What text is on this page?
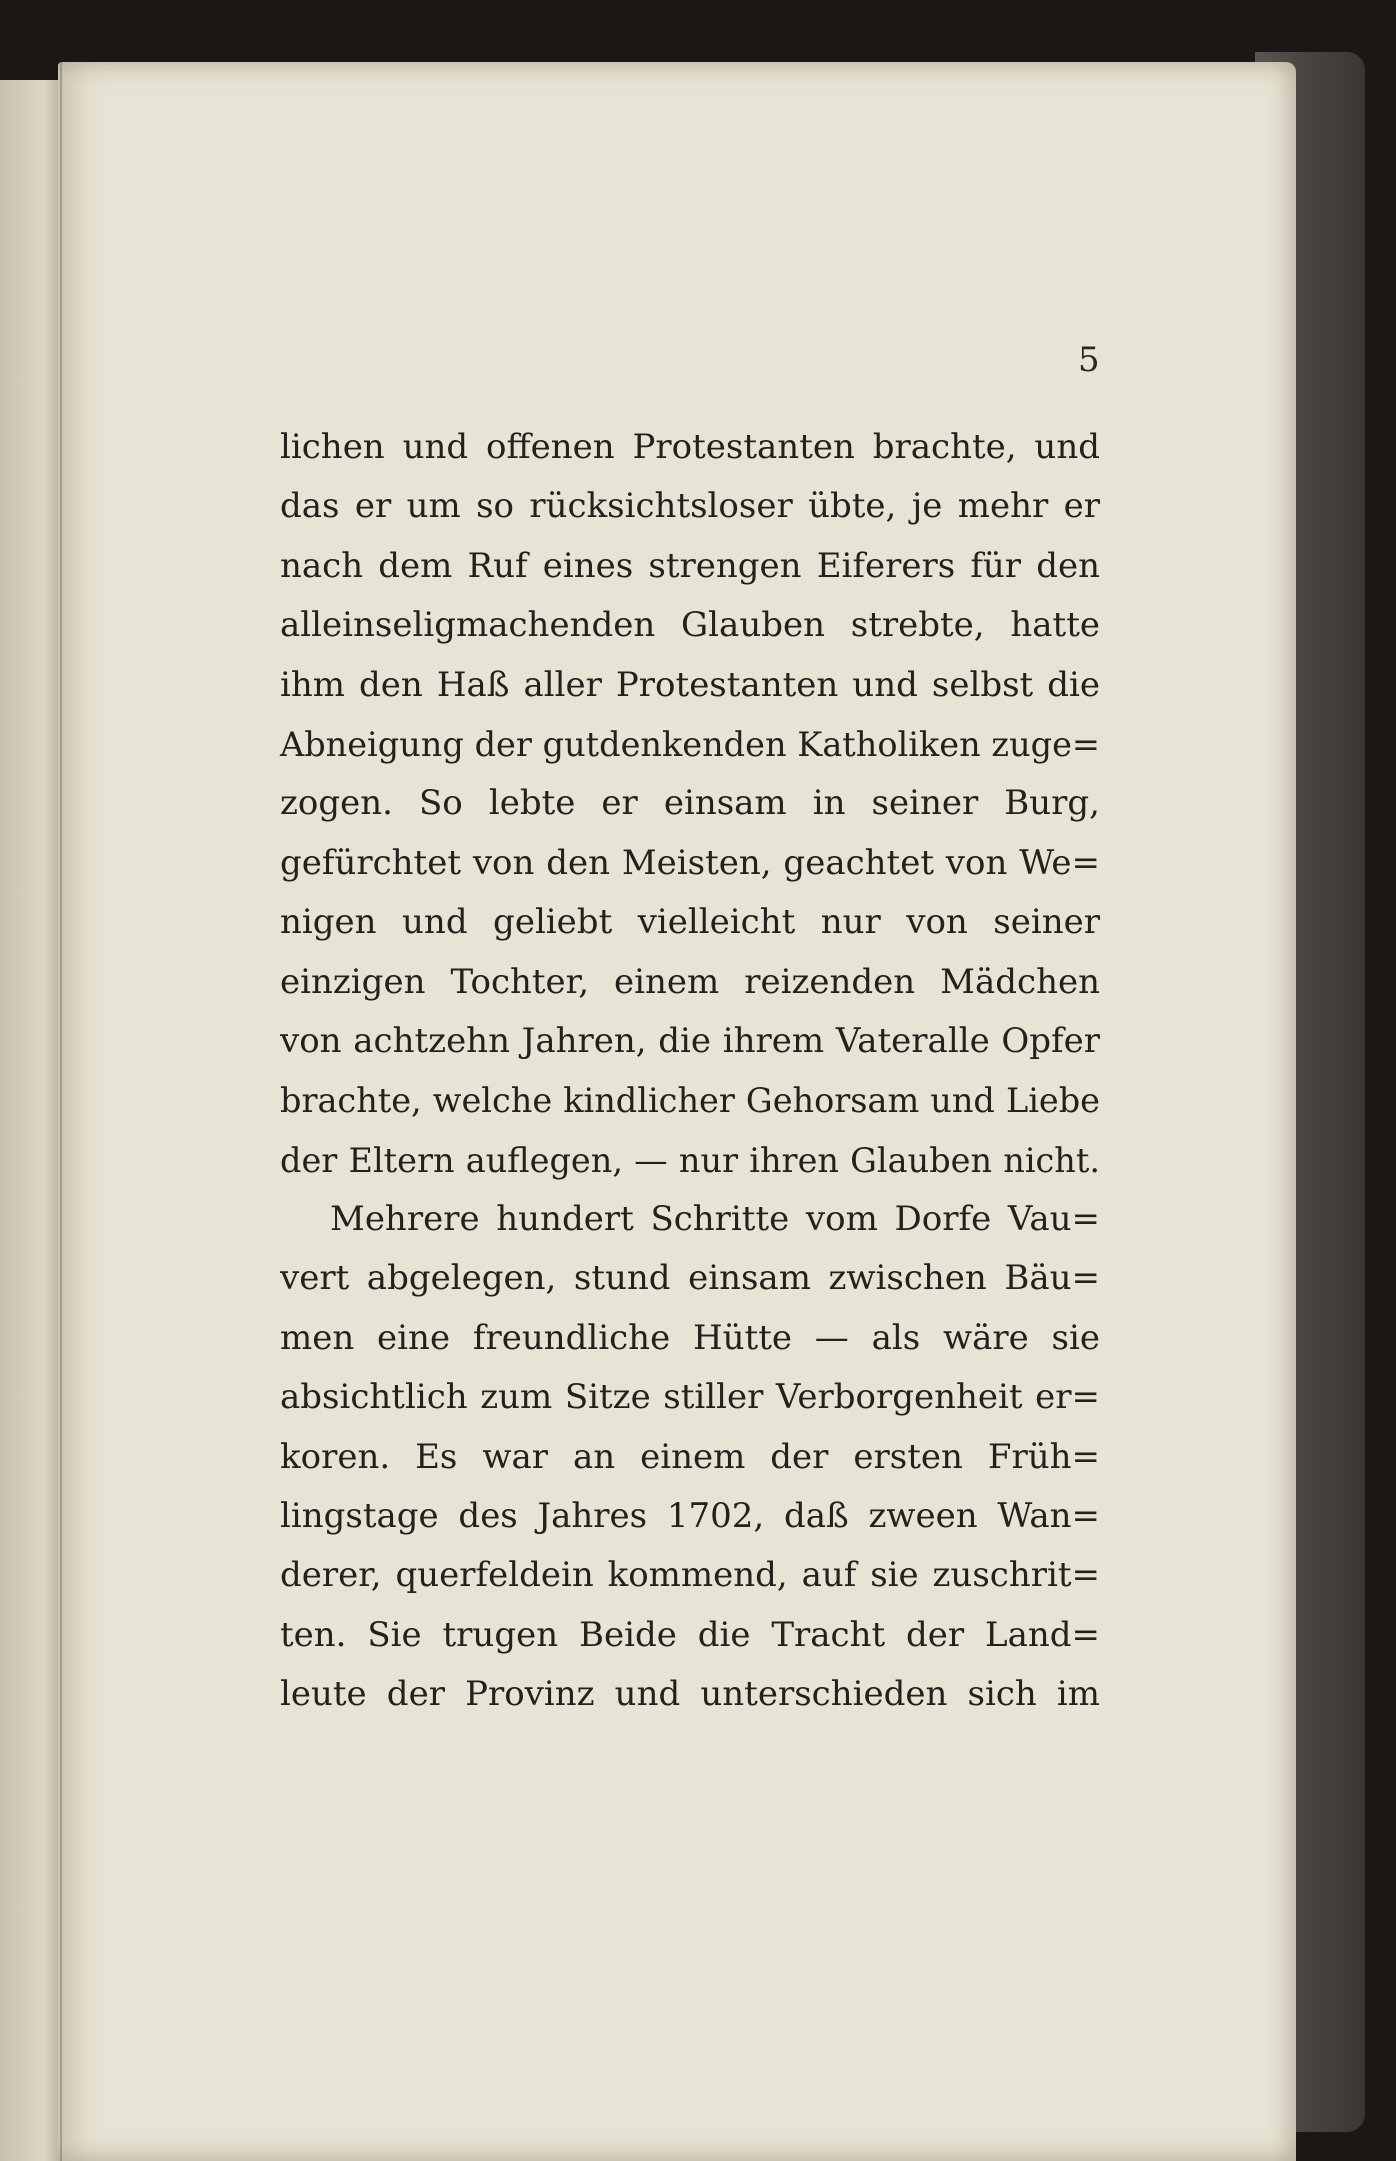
5
lichen und offenen Protestanten brachte, und
das er um so rücksichtsloser übte, je mehr er
nach dem Ruf eines strengen Eiferers für den
alleinseligmachenden Glauben strebte, hatte
ihm den Haß aller Protestanten und selbst die
Abneigung der gutdenkenden Katholiken zuge=
zogen. So lebte er einsam in seiner Burg,
gefürchtet von den Meisten, geachtet von We=
nigen und geliebt vielleicht nur von seiner
einzigen Tochter, einem reizenden Mädchen
von achtzehn Jahren, die ihrem Vateralle Opfer
brachte, welche kindlicher Gehorsam und Liebe
der Eltern auflegen, — nur ihren Glauben nicht.
Mehrere hundert Schritte vom Dorfe Vau=
vert abgelegen, stund einsam zwischen Bäu=
men eine freundliche Hütte — als wäre sie
absichtlich zum Sitze stiller Verborgenheit er=
koren. Es war an einem der ersten Früh=
lingstage des Jahres 1702, daß zween Wan=
derer, querfeldein kommend, auf sie zuschrit=
ten. Sie trugen Beide die Tracht der Land=
leute der Provinz und unterschieden sich im
